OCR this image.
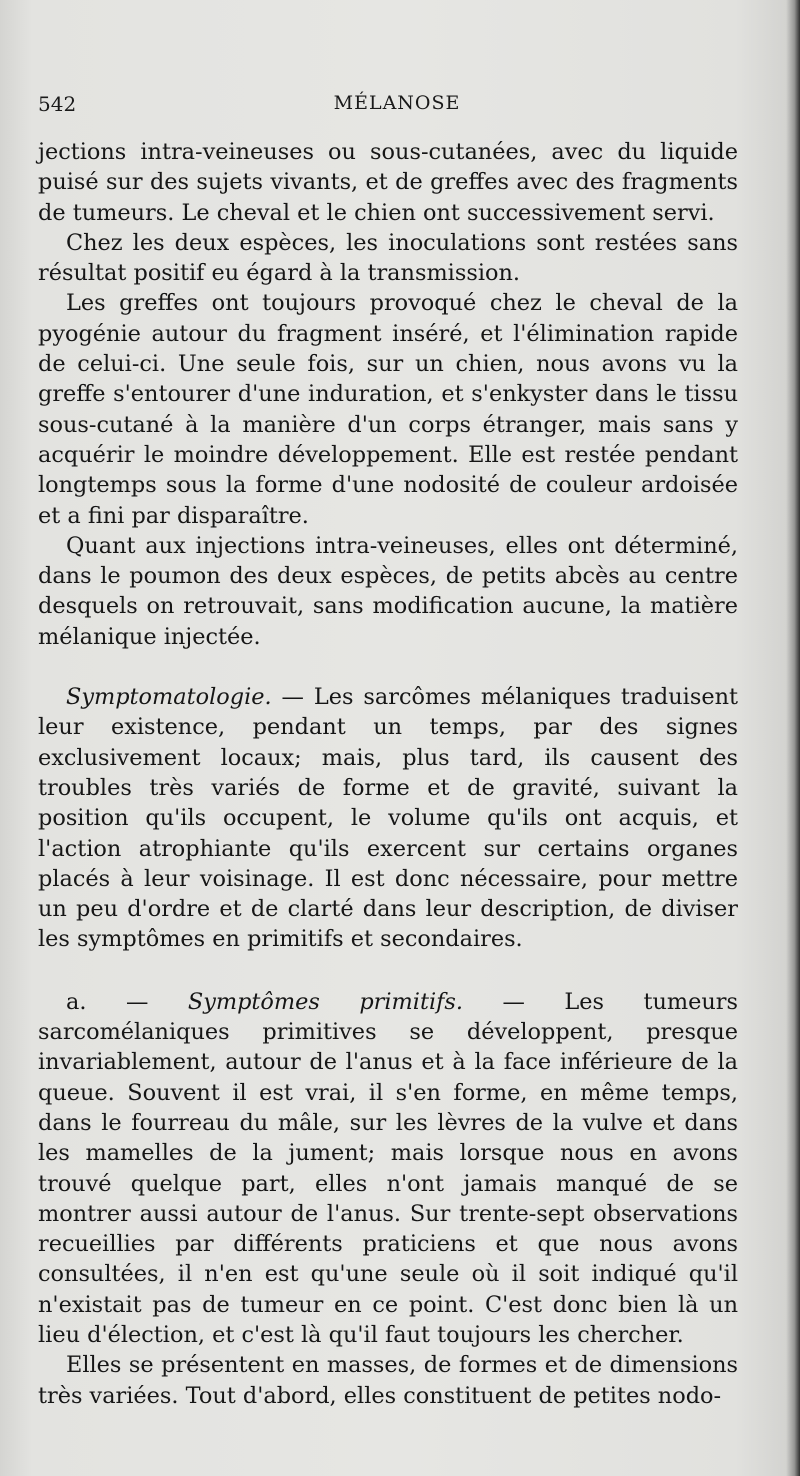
542	MÉLANOSE

jections intra-veineuses ou sous-cutanées, avec du liquide puisé sur des sujets vivants, et de greffes avec des fragments de tumeurs. Le cheval et le chien ont successivement servi.

Chez les deux espèces, les inoculations sont restées sans résultat positif eu égard à la transmission.

Les greffes ont toujours provoqué chez le cheval de la pyogénie autour du fragment inséré, et l'élimination rapide de celui-ci. Une seule fois, sur un chien, nous avons vu la greffe s'entourer d'une induration, et s'enkyster dans le tissu sous-cutané à la manière d'un corps étranger, mais sans y acquérir le moindre développement. Elle est restée pendant longtemps sous la forme d'une nodosité de couleur ardoisée et a fini par disparaître.

Quant aux injections intra-veineuses, elles ont déterminé, dans le poumon des deux espèces, de petits abcès au centre desquels on retrouvait, sans modification aucune, la matière mélanique injectée.

Symptomatologie. — Les sarcômes mélaniques traduisent leur existence, pendant un temps, par des signes exclusivement locaux; mais, plus tard, ils causent des troubles très variés de forme et de gravité, suivant la position qu'ils occupent, le volume qu'ils ont acquis, et l'action atrophiante qu'ils exercent sur certains organes placés à leur voisinage. Il est donc nécessaire, pour mettre un peu d'ordre et de clarté dans leur description, de diviser les symptômes en primitifs et secondaires.

a. — Symptômes primitifs. — Les tumeurs sarcomélaniques primitives se développent, presque invariablement, autour de l'anus et à la face inférieure de la queue. Souvent il est vrai, il s'en forme, en même temps, dans le fourreau du mâle, sur les lèvres de la vulve et dans les mamelles de la jument; mais lorsque nous en avons trouvé quelque part, elles n'ont jamais manqué de se montrer aussi autour de l'anus. Sur trente-sept observations recueillies par différents praticiens et que nous avons consultées, il n'en est qu'une seule où il soit indiqué qu'il n'existait pas de tumeur en ce point. C'est donc bien là un lieu d'élection, et c'est là qu'il faut toujours les chercher.

Elles se présentent en masses, de formes et de dimensions très variées. Tout d'abord, elles constituent de petites nodo-
